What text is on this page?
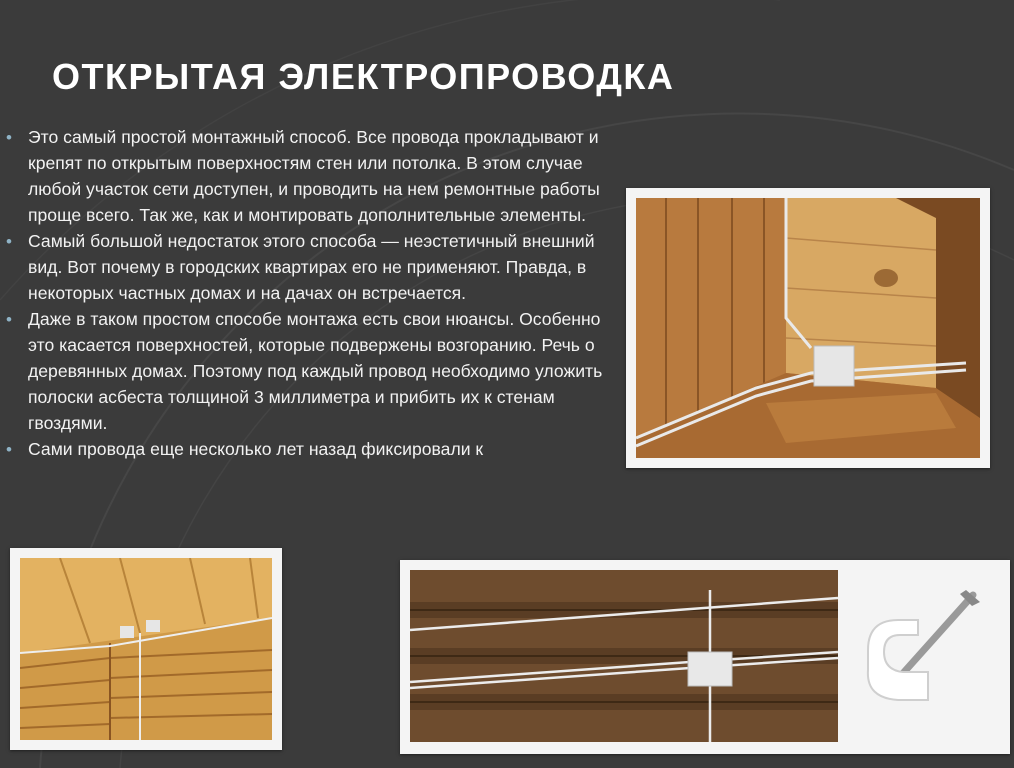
ОТКРЫТАЯ ЭЛЕКТРОПРОВОДКА
• Это самый простой монтажный способ. Все провода прокладывают и крепят по открытым поверхностям стен или потолка. В этом случае любой участок сети доступен, и проводить на нем ремонтные работы проще всего. Так же, как и монтировать дополнительные элементы.
• Самый большой недостаток этого способа — неэстетичный внешний вид. Вот почему в городских квартирах его не применяют. Правда, в некоторых частных домах и на дачах он встречается.
• Даже в таком простом способе монтажа есть свои нюансы. Особенно это касается поверхностей, которые подвержены возгоранию. Речь о деревянных домах. Поэтому под каждый провод необходимо уложить полоски асбеста толщиной 3 миллиметра и прибить их к стенам гвоздями.
• Сами провода еще несколько лет назад фиксировали к
